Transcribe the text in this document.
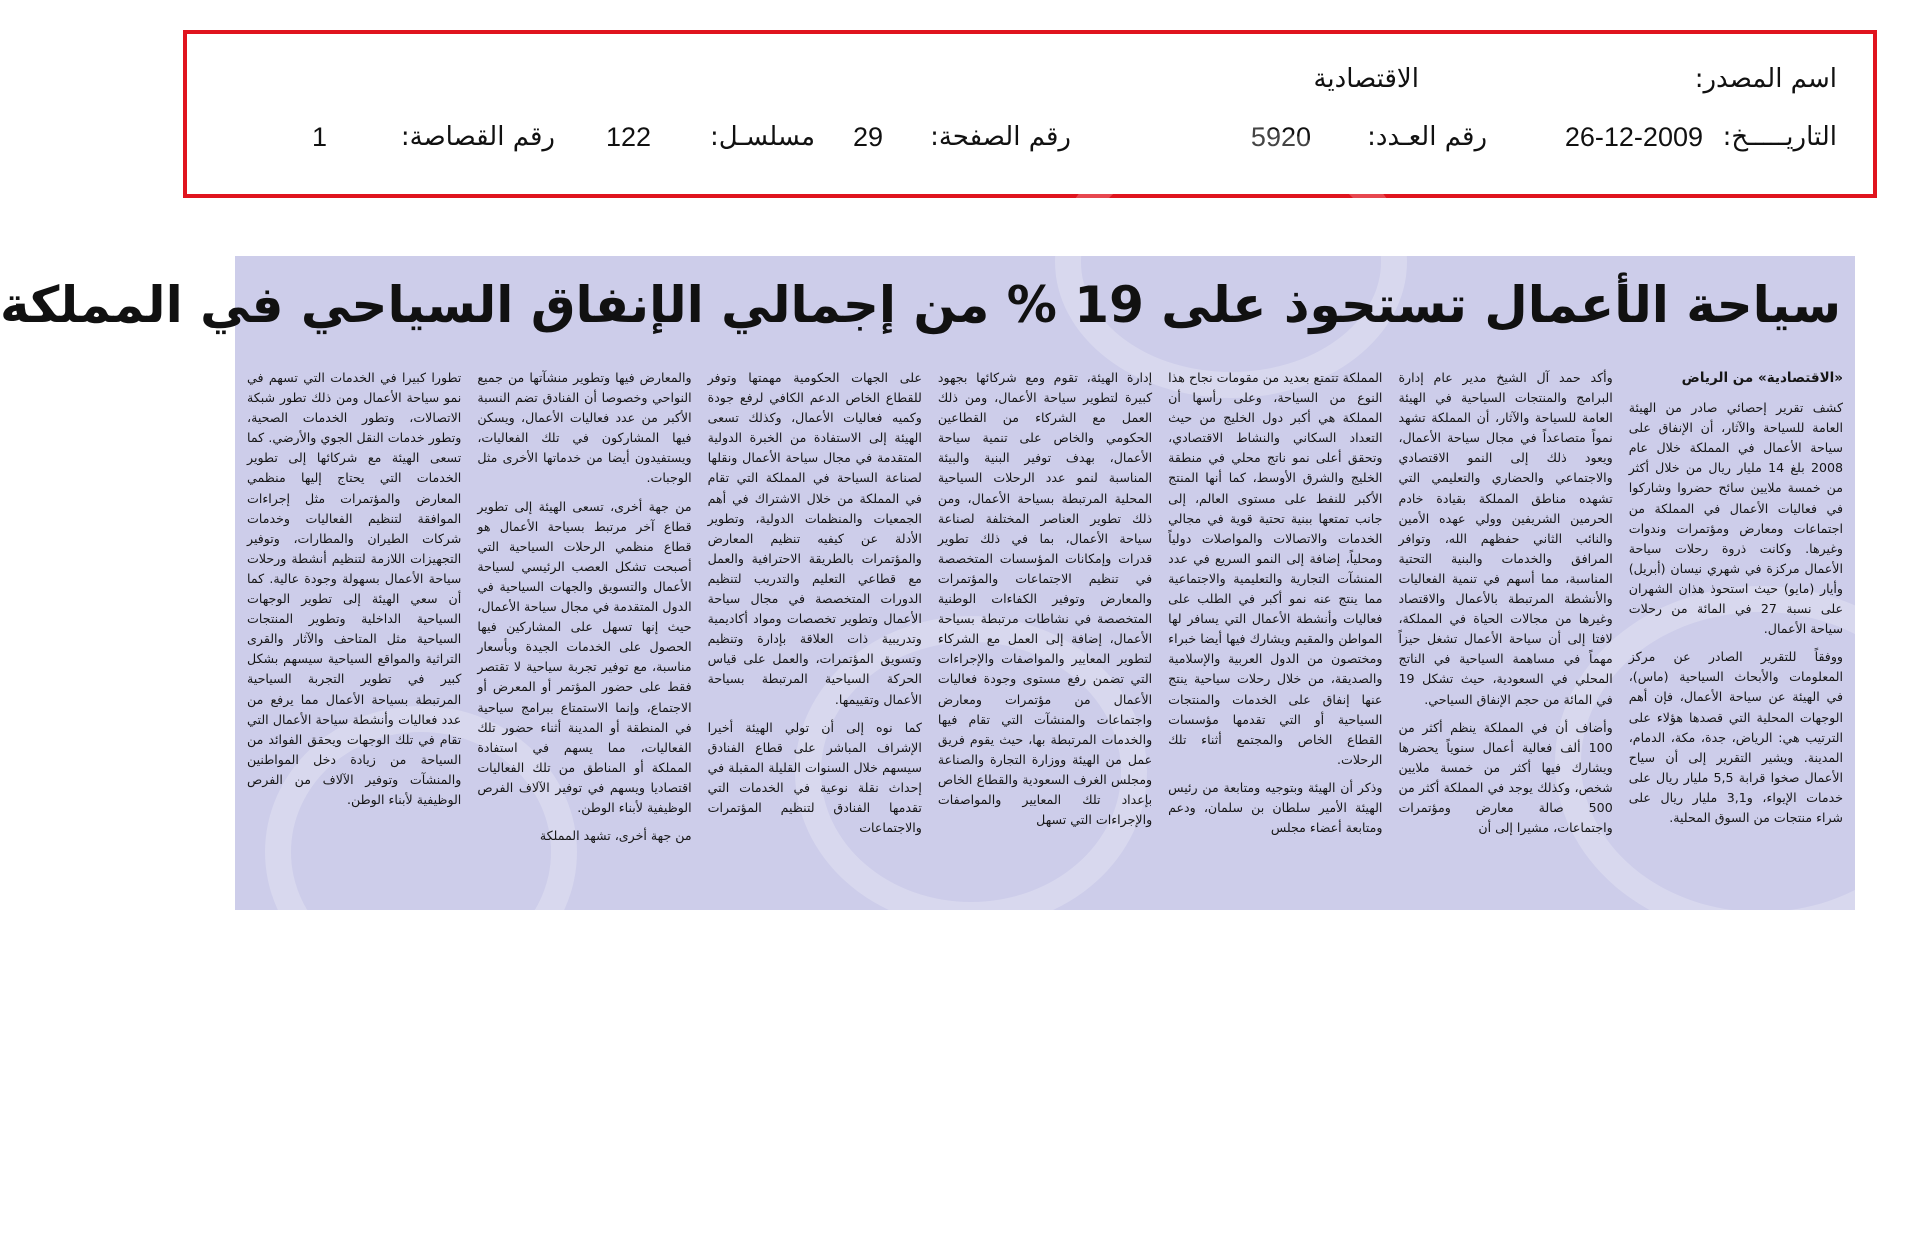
اسم المصدر:
الاقتصادية
التاريـــــخ:
26-12-2009
رقم العـدد:
5920
رقم الصفحة:
29
مسلسـل:
122
رقم القصاصة:
1
سياحة الأعمال تستحوذ على 19 % من إجمالي الإنفاق السياحي في المملكة
«الاقتصادية» من الرياض

كشف تقرير إحصائي صادر من الهيئة العامة للسياحة والآثار، أن الإنفاق على سياحة الأعمال في المملكة خلال عام 2008 بلغ 14 مليار ريال من خلال أكثر من خمسة ملايين سائح حضروا وشاركوا في فعاليات الأعمال في المملكة من اجتماعات ومعارض ومؤتمرات وندوات وغيرها. وكانت ذروة رحلات سياحة الأعمال مركزة في شهري نيسان (أبريل) وأيار (مايو) حيث استحوذ هذان الشهران على نسبة 27 في المائة من رحلات سياحة الأعمال.

ووفقاً للتقرير الصادر عن مركز المعلومات والأبحاث السياحية (ماس)، في الهيئة عن سياحة الأعمال، فإن أهم الوجهات المحلية التي قصدها هؤلاء على الترتيب هي: الرياض، جدة، مكة، الدمام، المدينة. ويشير التقرير إلى أن سياح الأعمال صخوا قرابة 5,5 مليار ريال على خدمات الإيواء، و3,1 مليار ريال على شراء منتجات من السوق المحلية.

وأكد حمد آل الشيخ مدير عام إدارة البرامج والمنتجات السياحية في الهيئة العامة للسياحة والآثار، أن المملكة تشهد نمواً متصاعداً في مجال سياحة الأعمال، ويعود ذلك إلى النمو الاقتصادي والاجتماعي والحضاري والتعليمي التي تشهده مناطق المملكة بقيادة خادم الحرمين الشريفين وولي عهده الأمين والنائب الثاني حفظهم الله، وتوافر المرافق والخدمات والبنية التحتية المناسبة، مما أسهم في تنمية الفعاليات والأنشطة المرتبطة بالأعمال والاقتصاد وغيرها من مجالات الحياة في المملكة، لافتا إلى أن سياحة الأعمال تشغل حيزاً مهماً في مساهمة السياحية في الناتج المحلي في السعودية، حيث تشكل 19 في المائة من حجم الإنفاق السياحي.

وأضاف أن في المملكة ينظم أكثر من 100 ألف فعالية أعمال سنوياً يحضرها ويشارك فيها أكثر من خمسة ملايين شخص، وكذلك يوجد في المملكة أكثر من 500 صالة معارض ومؤتمرات واجتماعات، مشيرا إلى أن

المملكة تتمتع بعديد من مقومات نجاح هذا النوع من السياحة، وعلى رأسها أن المملكة هي أكبر دول الخليج من حيث التعداد السكاني والنشاط الاقتصادي، وتحقق أعلى نمو ناتج محلي في منطقة الخليج والشرق الأوسط، كما أنها المنتج الأكبر للنفط على مستوى العالم، إلى جانب تمتعها ببنية تحتية قوية في مجالي الخدمات والاتصالات والمواصلات دولياً ومحلياً، إضافة إلى النمو السريع في عدد المنشآت التجارية والتعليمية والاجتماعية مما ينتج عنه نمو أكبر في الطلب على فعاليات وأنشطة الأعمال التي يسافر لها المواطن والمقيم ويشارك فيها أيضا خبراء ومختصون من الدول العربية والإسلامية والصديقة، من خلال رحلات سياحية ينتج عنها إنفاق على الخدمات والمنتجات السياحية أو التي تقدمها مؤسسات القطاع الخاص والمجتمع أثناء تلك الرحلات.

وذكر أن الهيئة وبتوجيه ومتابعة من رئيس الهيئة الأمير سلطان بن سلمان، ودعم ومتابعة أعضاء مجلس

إدارة الهيئة، تقوم ومع شركائها بجهود كبيرة لتطوير سياحة الأعمال، ومن ذلك العمل مع الشركاء من القطاعين الحكومي والخاص على تنمية سياحة الأعمال، بهدف توفير البنية والبيئة المناسبة لنمو عدد الرحلات السياحية المحلية المرتبطة بسياحة الأعمال، ومن ذلك تطوير العناصر المختلفة لصناعة سياحة الأعمال، بما في ذلك تطوير قدرات وإمكانات المؤسسات المتخصصة في تنظيم الاجتماعات والمؤتمرات والمعارض وتوفير الكفاءات الوطنية المتخصصة في نشاطات مرتبطة بسياحة الأعمال، إضافة إلى العمل مع الشركاء لتطوير المعايير والمواصفات والإجراءات التي تضمن رفع مستوى وجودة فعاليات الأعمال من مؤتمرات ومعارض واجتماعات والمنشآت التي تقام فيها والخدمات المرتبطة بها، حيث يقوم فريق عمل من الهيئة ووزارة التجارة والصناعة ومجلس الغرف السعودية والقطاع الخاص بإعداد تلك المعايير والمواصفات والإجراءات التي تسهل

على الجهات الحكومية مهمتها وتوفر للقطاع الخاص الدعم الكافي لرفع جودة وكميه فعاليات الأعمال، وكذلك تسعى الهيئة إلى الاستفادة من الخبرة الدولية المتقدمة في مجال سياحة الأعمال ونقلها لصناعة السياحة في المملكة التي تقام في المملكة من خلال الاشتراك في أهم الجمعيات والمنظمات الدولية، وتطوير الأدلة عن كيفيه تنظيم المعارض والمؤتمرات بالطريقة الاحترافية والعمل مع قطاعي التعليم والتدريب لتنظيم الدورات المتخصصة في مجال سياحة الأعمال وتطوير تخصصات ومواد أكاديمية وتدريبية ذات العلاقة بإدارة وتنظيم وتسويق المؤتمرات، والعمل على قياس الحركة السياحية المرتبطة بسياحة الأعمال وتقييمها.

كما نوه إلى أن تولي الهيئة أخيرا الإشراف المباشر على قطاع الفنادق سيسهم خلال السنوات القليلة المقبلة في إحداث نقلة نوعية في الخدمات التي تقدمها الفنادق لتنظيم المؤتمرات والاجتماعات

والمعارض فيها وتطوير منشآتها من جميع النواحي وخصوصا أن الفنادق تضم النسبة الأكبر من عدد فعاليات الأعمال، ويسكن فيها المشاركون في تلك الفعاليات، ويستفيدون أيضا من خدماتها الأخرى مثل الوجبات.

من جهة أخرى، تسعى الهيئة إلى تطوير قطاع آخر مرتبط بسياحة الأعمال هو قطاع منظمي الرحلات السياحية التي أصبحت تشكل العصب الرئيسي لسياحة الأعمال والتسويق والجهات السياحية في الدول المتقدمة في مجال سياحة الأعمال، حيث إنها تسهل على المشاركين فيها الحصول على الخدمات الجيدة وبأسعار مناسبة، مع توفير تجربة سياحية لا تقتصر فقط على حضور المؤتمر أو المعرض أو الاجتماع، وإنما الاستمتاع ببرامج سياحية في المنطقة أو المدينة أثناء حضور تلك الفعاليات، مما يسهم في استفادة المملكة أو المناطق من تلك الفعاليات اقتصاديا ويسهم في توفير الآلاف الفرص الوظيفية لأبناء الوطن.

من جهة أخرى، تشهد المملكة

تطورا كبيرا في الخدمات التي تسهم في نمو سياحة الأعمال ومن ذلك تطور شبكة الاتصالات، وتطور الخدمات الصحية، وتطور خدمات النقل الجوي والأرضي. كما تسعى الهيئة مع شركائها إلى تطوير الخدمات التي يحتاج إليها منظمي المعارض والمؤتمرات مثل إجراءات الموافقة لتنظيم الفعاليات وخدمات شركات الطيران والمطارات، وتوفير التجهيزات اللازمة لتنظيم أنشطة ورحلات سياحة الأعمال بسهولة وجودة عالية. كما أن سعي الهيئة إلى تطوير الوجهات السياحية الداخلية وتطوير المنتجات السياحية مثل المتاحف والآثار والقرى التراثية والمواقع السياحية سيسهم بشكل كبير في تطوير التجربة السياحية المرتبطة بسياحة الأعمال مما يرفع من عدد فعاليات وأنشطة سياحة الأعمال التي تقام في تلك الوجهات ويحقق الفوائد من السياحة من زيادة دخل المواطنين والمنشآت وتوفير الآلاف من الفرص الوظيفية لأبناء الوطن.
